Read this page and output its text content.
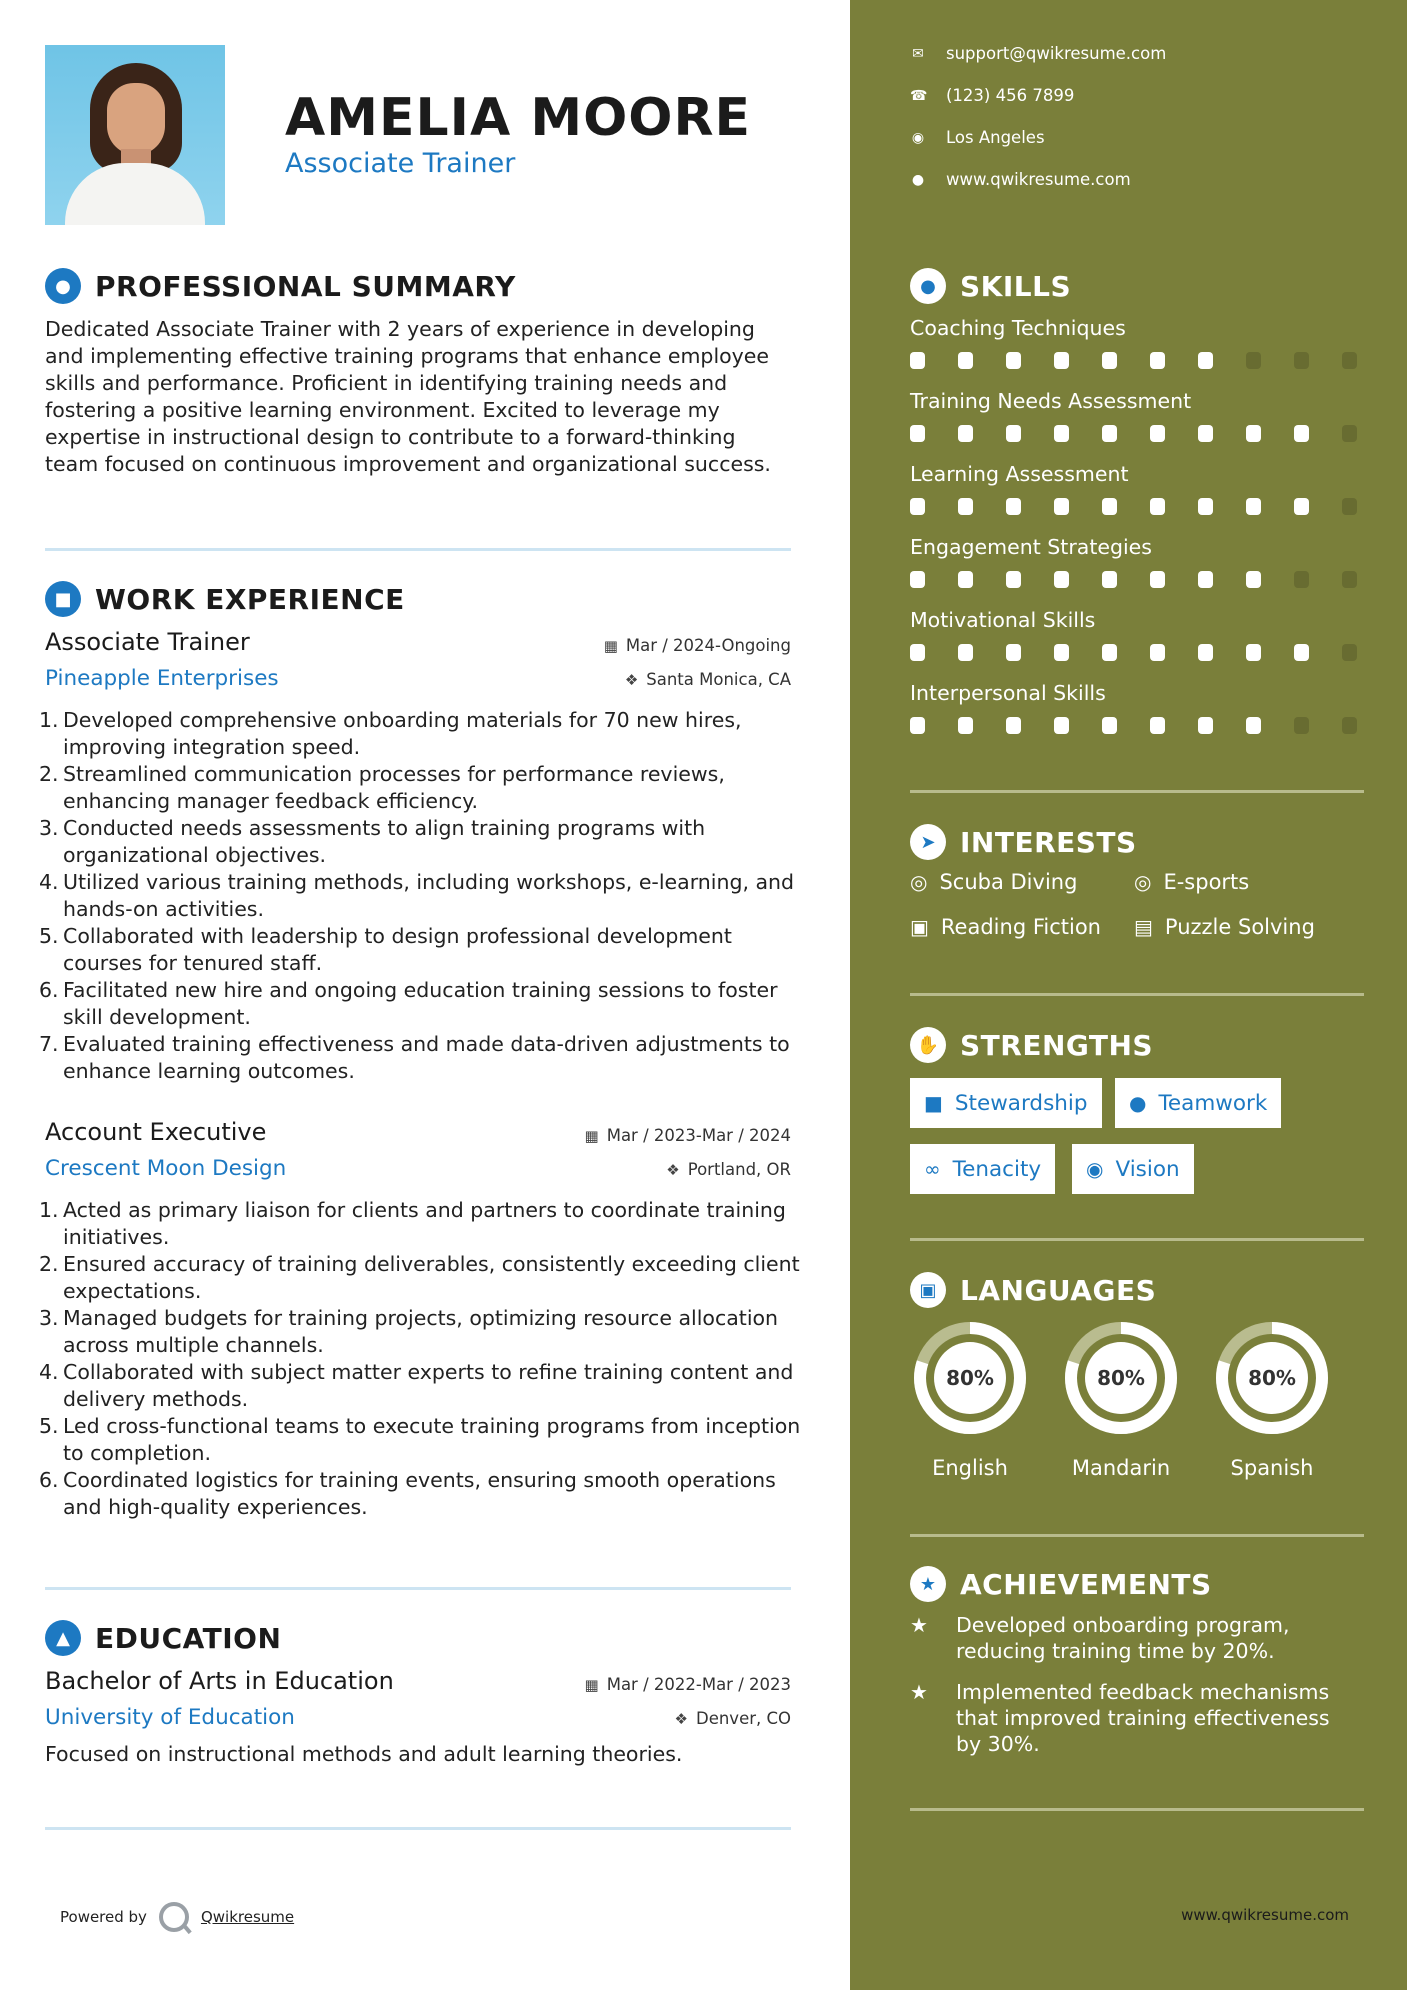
AMELIA MOORE
Associate Trainer
● PROFESSIONAL SUMMARY
Dedicated Associate Trainer with 2 years of experience in developing and implementing effective training programs that enhance employee skills and performance. Proficient in identifying training needs and fostering a positive learning environment. Excited to leverage my expertise in instructional design to contribute to a forward-thinking team focused on continuous improvement and organizational success.
■ WORK EXPERIENCE
Associate Trainer	▦ Mar / 2024-Ongoing
Pineapple Enterprises	❖ Santa Monica, CA
Developed comprehensive onboarding materials for 70 new hires, improving integration speed.
Streamlined communication processes for performance reviews, enhancing manager feedback efficiency.
Conducted needs assessments to align training programs with organizational objectives.
Utilized various training methods, including workshops, e-learning, and hands-on activities.
Collaborated with leadership to design professional development courses for tenured staff.
Facilitated new hire and ongoing education training sessions to foster skill development.
Evaluated training effectiveness and made data-driven adjustments to enhance learning outcomes.
Account Executive	▦ Mar / 2023-Mar / 2024
Crescent Moon Design	❖ Portland, OR
Acted as primary liaison for clients and partners to coordinate training initiatives.
Ensured accuracy of training deliverables, consistently exceeding client expectations.
Managed budgets for training projects, optimizing resource allocation across multiple channels.
Collaborated with subject matter experts to refine training content and delivery methods.
Led cross-functional teams to execute training programs from inception to completion.
Coordinated logistics for training events, ensuring smooth operations and high-quality experiences.
▲ EDUCATION
Bachelor of Arts in Education	▦ Mar / 2022-Mar / 2023
University of Education	❖ Denver, CO
Focused on instructional methods and adult learning theories.
Powered by	Qwikresume
✉ support@qwikresume.com
☎ (123) 456 7899
◉ Los Angeles
● www.qwikresume.com
● SKILLS
Coaching Techniques
Training Needs Assessment
Learning Assessment
Engagement Strategies
Motivational Skills
Interpersonal Skills
➤ INTERESTS
◎ Scuba Diving	◎ E-sports
▣ Reading Fiction ▤ Puzzle Solving
✋ STRENGTHS
■ Stewardship ● Teamwork
∞ Tenacity ◉ Vision
▣ LANGUAGES
80%
English
80%
Mandarin
80%
Spanish
★ ACHIEVEMENTS
★	Developed onboarding program, reducing training time by 20%.
★	Implemented feedback mechanisms that improved training effectiveness by 30%.
www.qwikresume.com
